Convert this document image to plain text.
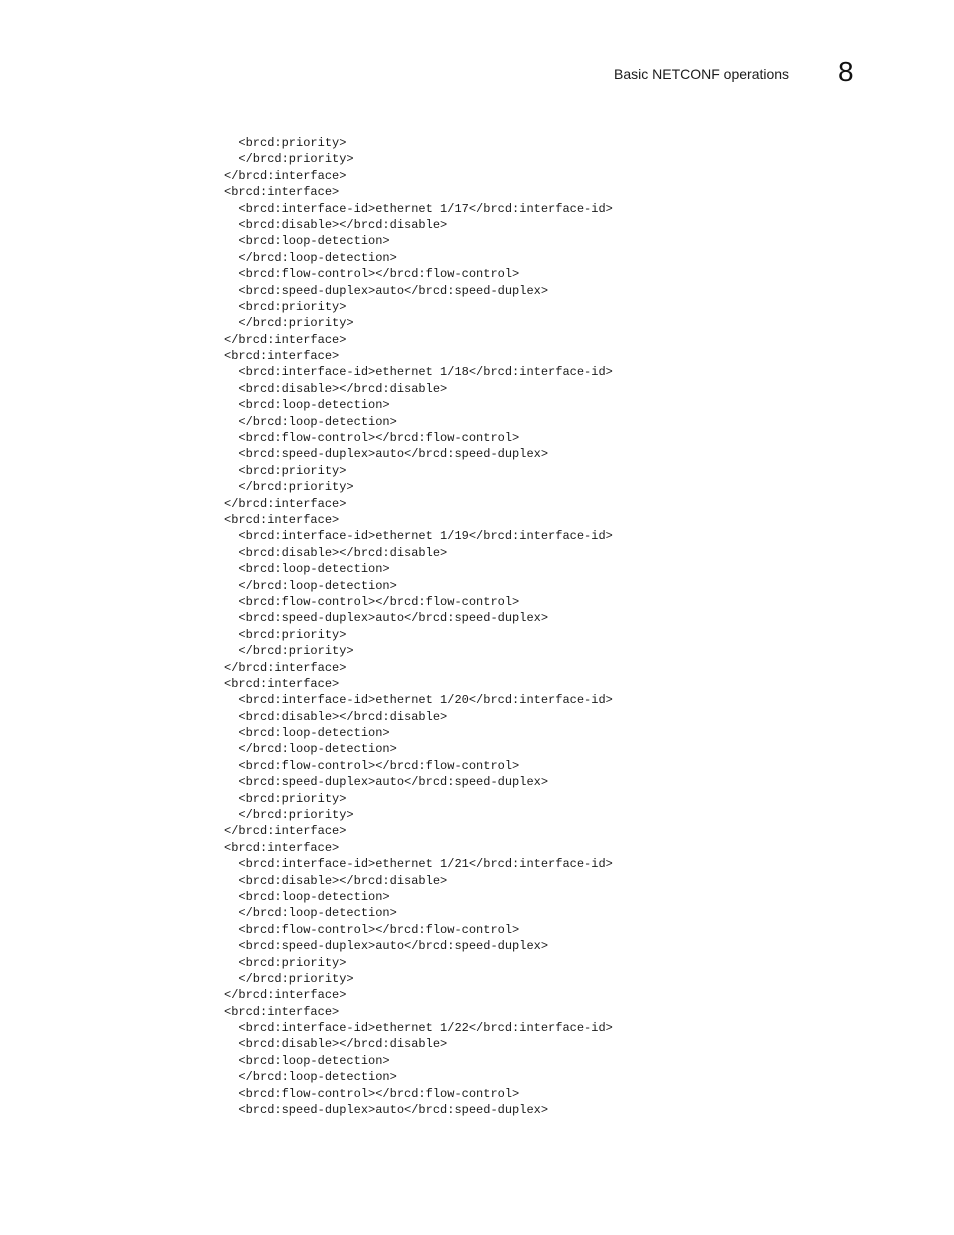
Basic NETCONF operations 8
<brcd:priority>
</brcd:priority>
</brcd:interface>
<brcd:interface>
<brcd:interface-id>ethernet 1/17</brcd:interface-id>
<brcd:disable></brcd:disable>
<brcd:loop-detection>
</brcd:loop-detection>
<brcd:flow-control></brcd:flow-control>
<brcd:speed-duplex>auto</brcd:speed-duplex>
<brcd:priority>
</brcd:priority>
</brcd:interface>
<brcd:interface>
<brcd:interface-id>ethernet 1/18</brcd:interface-id>
<brcd:disable></brcd:disable>
<brcd:loop-detection>
</brcd:loop-detection>
<brcd:flow-control></brcd:flow-control>
<brcd:speed-duplex>auto</brcd:speed-duplex>
<brcd:priority>
</brcd:priority>
</brcd:interface>
<brcd:interface>
<brcd:interface-id>ethernet 1/19</brcd:interface-id>
<brcd:disable></brcd:disable>
<brcd:loop-detection>
</brcd:loop-detection>
<brcd:flow-control></brcd:flow-control>
<brcd:speed-duplex>auto</brcd:speed-duplex>
<brcd:priority>
</brcd:priority>
</brcd:interface>
<brcd:interface>
<brcd:interface-id>ethernet 1/20</brcd:interface-id>
<brcd:disable></brcd:disable>
<brcd:loop-detection>
</brcd:loop-detection>
<brcd:flow-control></brcd:flow-control>
<brcd:speed-duplex>auto</brcd:speed-duplex>
<brcd:priority>
</brcd:priority>
</brcd:interface>
<brcd:interface>
<brcd:interface-id>ethernet 1/21</brcd:interface-id>
<brcd:disable></brcd:disable>
<brcd:loop-detection>
</brcd:loop-detection>
<brcd:flow-control></brcd:flow-control>
<brcd:speed-duplex>auto</brcd:speed-duplex>
<brcd:priority>
</brcd:priority>
</brcd:interface>
<brcd:interface>
<brcd:interface-id>ethernet 1/22</brcd:interface-id>
<brcd:disable></brcd:disable>
<brcd:loop-detection>
</brcd:loop-detection>
<brcd:flow-control></brcd:flow-control>
<brcd:speed-duplex>auto</brcd:speed-duplex>
